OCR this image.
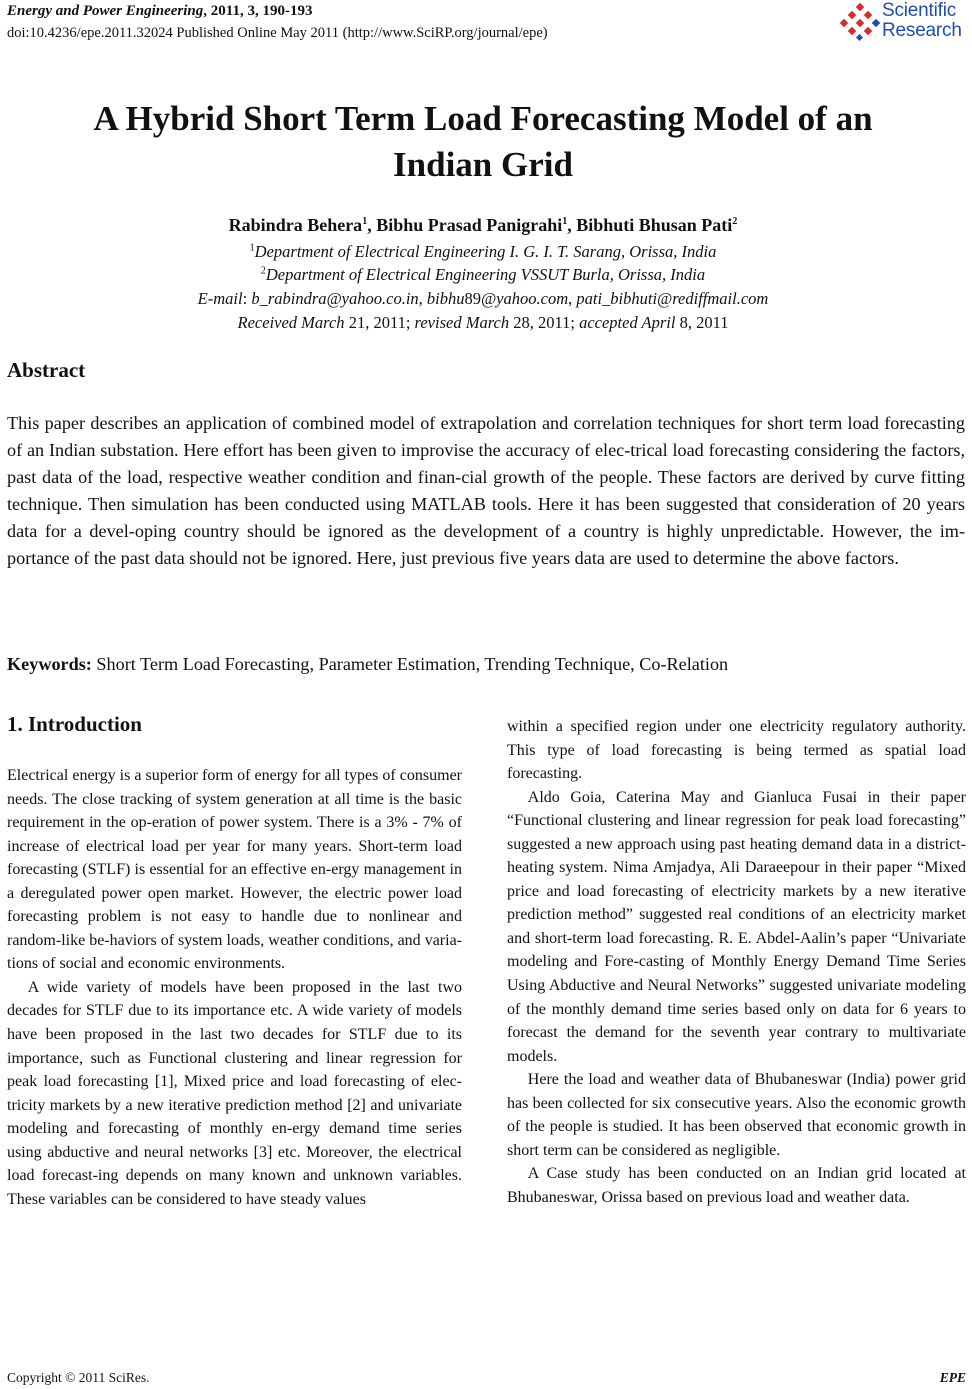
Energy and Power Engineering, 2011, 3, 190-193
doi:10.4236/epe.2011.32024 Published Online May 2011 (http://www.SciRP.org/journal/epe)
Scientific
Research
A Hybrid Short Term Load Forecasting Model of an
Indian Grid
Rabindra Behera$^1$, Bibhu Prasad Panigrahi$^1$, Bibhuti Bhusan Pati$^2$
$^1$Department of Electrical Engineering I. G. I. T. Sarang, Orissa, India
$^2$Department of Electrical Engineering VSSUT Burla, Orissa, India
E-mail: b_rabindra@yahoo.co.in, bibhu89@yahoo.com, pati_bibhuti@rediffmail.com
Received March 21, 2011; revised March 28, 2011; accepted April 8, 2011
Abstract
This paper describes an application of combined model of extrapolation and correlation techniques for short term load forecasting of an Indian substation. Here effort has been given to improvise the accuracy of elec-trical load forecasting considering the factors, past data of the load, respective weather condition and finan-cial growth of the people. These factors are derived by curve fitting technique. Then simulation has been conducted using MATLAB tools. Here it has been suggested that consideration of 20 years data for a devel-oping country should be ignored as the development of a country is highly unpredictable. However, the im-portance of the past data should not be ignored. Here, just previous five years data are used to determine the above factors.
Keywords: Short Term Load Forecasting, Parameter Estimation, Trending Technique, Co-Relation
1. Introduction

Electrical energy is a superior form of energy for all types of consumer needs. The close tracking of system generation at all time is the basic requirement in the op-eration of power system. There is a 3% - 7% of increase of electrical load per year for many years. Short-term load forecasting (STLF) is essential for an effective en-ergy management in a deregulated power open market. However, the electric power load forecasting problem is not easy to handle due to nonlinear and random-like be-haviors of system loads, weather conditions, and varia-tions of social and economic environments.

A wide variety of models have been proposed in the last two decades for STLF due to its importance etc. A wide variety of models have been proposed in the last two decades for STLF due to its importance, such as Functional clustering and linear regression for peak load forecasting [1], Mixed price and load forecasting of elec-tricity markets by a new iterative prediction method [2] and univariate modeling and forecasting of monthly en-ergy demand time series using abductive and neural networks [3] etc. Moreover, the electrical load forecast-ing depends on many known and unknown variables. These variables can be considered to have steady values

within a specified region under one electricity regulatory authority. This type of load forecasting is being termed as spatial load forecasting.

Aldo Goia, Caterina May and Gianluca Fusai in their paper “Functional clustering and linear regression for peak load forecasting” suggested a new approach using past heating demand data in a district-heating system. Nima Amjadya, Ali Daraeepour in their paper “Mixed price and load forecasting of electricity markets by a new iterative prediction method” suggested real conditions of an electricity market and short-term load forecasting. R. E. Abdel-Aalin’s paper “Univariate modeling and Fore-casting of Monthly Energy Demand Time Series Using Abductive and Neural Networks” suggested univariate modeling of the monthly demand time series based only on data for 6 years to forecast the demand for the seventh year contrary to multivariate models.

Here the load and weather data of Bhubaneswar (India) power grid has been collected for six consecutive years. Also the economic growth of the people is studied. It has been observed that economic growth in short term can be considered as negligible.

A Case study has been conducted on an Indian grid located at Bhubaneswar, Orissa based on previous load and weather data.

Copyright © 2011 SciRes.	EPE
